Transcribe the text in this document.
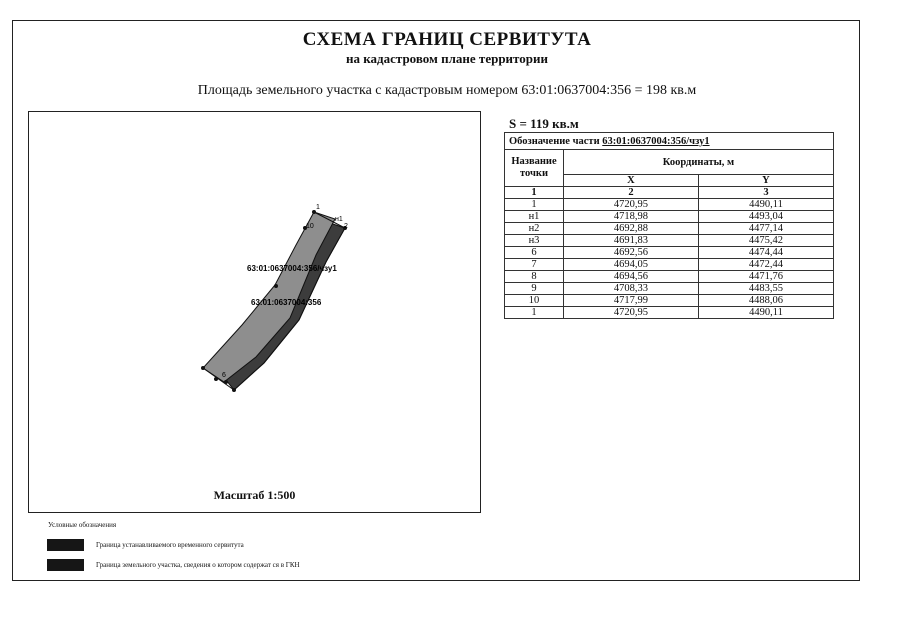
СХЕМА ГРАНИЦ СЕРВИТУТА
на кадастровом плане территории
Площадь земельного участка с кадастровым номером 63:01:0637004:356 = 198 кв.м
1
н1
2
10
6
63:01:0637004:356/чзу1
63:01:0637004:356
Масштаб 1:500
S = 119 кв.м
Обозначение части 63:01:0637004:356/чзу1		
Название точки	Координаты, м	
	X	Y
1	2	3
1	4720,95	4490,11
н1	4718,98	4493,04
н2	4692,88	4477,14
н3	4691,83	4475,42
6	4692,56	4474,44
7	4694,05	4472,44
8	4694,56	4471,76
9	4708,33	4483,55
10	4717,99	4488,06
1	4720,95	4490,11
Условные обозначения
Граница устанавливаемого временного сервитута
Граница земельного участка, сведения о котором содержат ся в ГКН
